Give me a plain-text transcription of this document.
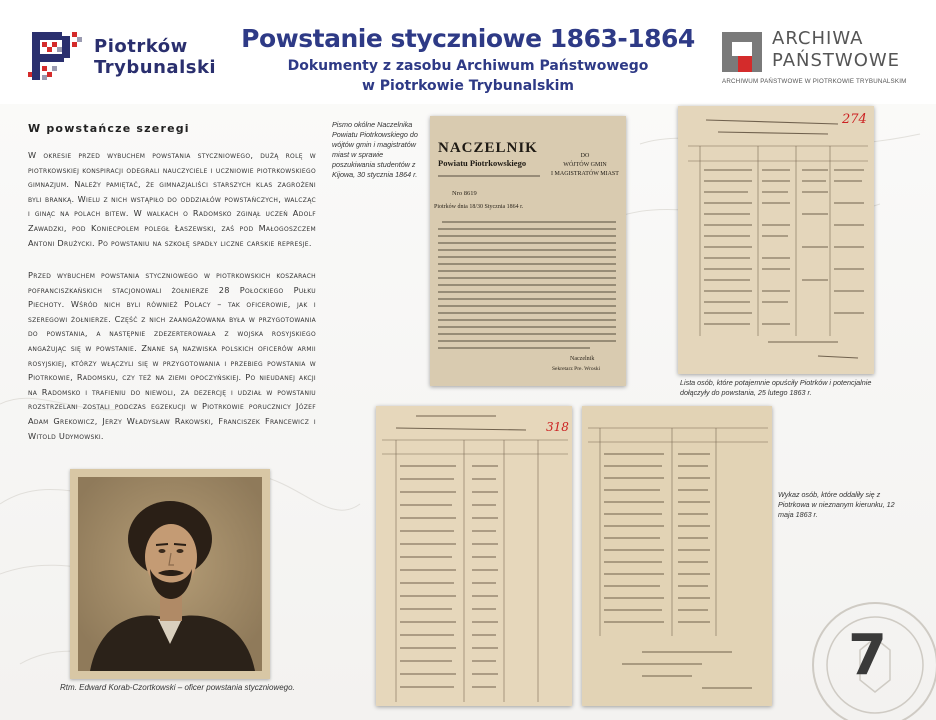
Piotrków
Trybunalski
Powstanie styczniowe 1863-1864
Dokumenty z zasobu Archiwum Państwowego
w Piotrkowie Trybunalskim
ARCHIWA
PAŃSTWOWE
ARCHIWUM PAŃSTWOWE W PIOTRKOWIE TRYBUNALSKIM
W powstańcze szeregi
W okresie przed wybuchem powstania styczniowego, dużą rolę w piotrkowskiej konspiracji odegrali nauczyciele i uczniowie piotrkowskiego gimnazjum. Należy pamiętać, że gimnazjaliści starszych klas zagrożeni byli branką. Wielu z nich wstąpiło do oddziałów powstańczych, walcząc i ginąc na polach bitew. W walkach o Radomsko zginął uczeń Adolf Zawadzki, pod Koniecpolem poległ Łaszewski, zaś pod Małogoszczem Antoni Drużycki. Po powstaniu na szkołę spadły liczne carskie represje.
Przed wybuchem powstania styczniowego w piotrkowskich koszarach pofranciszkańskich stacjonowali żołnierze 28 Połockiego Pułku Piechoty. Wśród nich byli również Polacy – tak oficerowie, jak i szeregowi żołnierze. Część z nich zaangażowana była w przygotowania do powstania, a następnie zdezerterowała z wojska rosyjskiego angażując się w powstanie. Znane są nazwiska polskich oficerów armii rosyjskiej, którzy włączyli się w przygotowania i przebieg powstania w Piotrkowie, Radomsku, czy też na ziemi opoczyńskiej. Po nieudanej akcji na Radomsko i trafieniu do niewoli, za dezercję i udział w powstaniu rozstrzelani zostali podczas egzekucji w Piotrkowie porucznicy Józef Adam Grekowicz, Jerzy Władysław Rakowski, Franciszek Francewicz i Witold Udymowski.
Rtm. Edward Korab-Czortkowski – oficer powstania styczniowego.
Pismo okólne Naczelnika Powiatu Piotrkowskiego do wójtów gmin i magistratów miast w sprawie poszukiwania studentów z Kijowa, 30 stycznia 1864 r.
NACZELNIK
Powiatu Piotrkowskiego
DO
WÓJTÓW GMIN
I MAGISTRATÓW MIAST
Nro 8619
Piotrków dnia 18/30 Stycznia 1864 r.
Naczelnik
Sekretarz Pre. Wroski
274
Lista osób, które potajemnie opuściły Piotrków i potencjalnie dołączyły do powstania, 25 lutego 1863 r.
318
Wykaz osób, które oddaliły się z Piotrkowa w nieznanym kierunku, 12 maja 1863 r.
7
